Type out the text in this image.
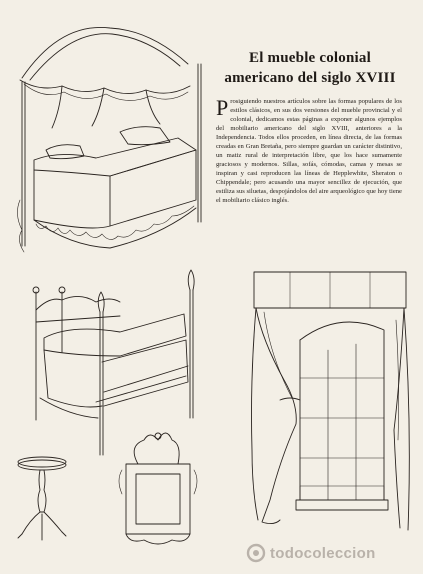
El mueble colonial
americano del siglo XVIII
Prosiguiendo nuestros artículos sobre las formas populares de los estilos clásicos, en sus dos versiones del mueble provincial y el colonial, dedicamos estas páginas a exponer algunos ejemplos del mobiliario americano del siglo XVIII, anteriores a la Independencia. Todos ellos proceden, en línea directa, de las formas creadas en Gran Bretaña, pero siempre guardan un carácter distintivo, un matiz rural de interpretación libre, que los hace sumamente graciosos y modernos. Sillas, sofás, cómodas, camas y mesas se inspiran y casi reproducen las líneas de Hepplewhite, Sheraton o Chippendale; pero acusando una mayor sencillez de ejecución, que estiliza sus siluetas, despojándolos del aire arqueológico que hoy tiene el mobiliario clásico inglés.
todocoleccion
